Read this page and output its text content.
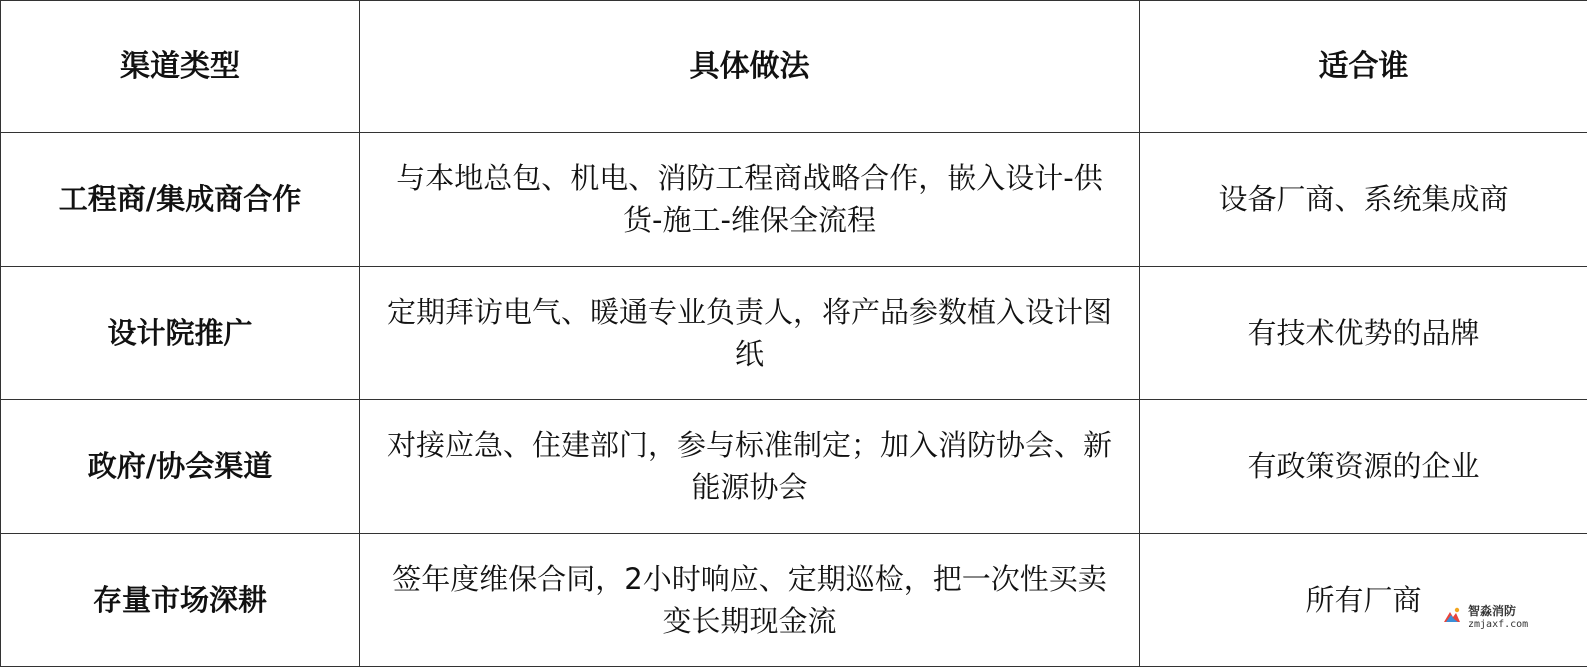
渠道类型	具体做法	适合谁
工程商/集成商合作	与本地总包、机电、消防工程商战略合作，嵌入设计-供货-施工-维保全流程	设备厂商、系统集成商
设计院推广	定期拜访电气、暖通专业负责人，将产品参数植入设计图纸	有技术优势的品牌
政府/协会渠道	对接应急、住建部门，参与标准制定；加入消防协会、新能源协会	有政策资源的企业
存量市场深耕	签年度维保合同，2小时响应、定期巡检，把一次性买卖变长期现金流	所有厂商	智淼消防
zmjaxf.com
